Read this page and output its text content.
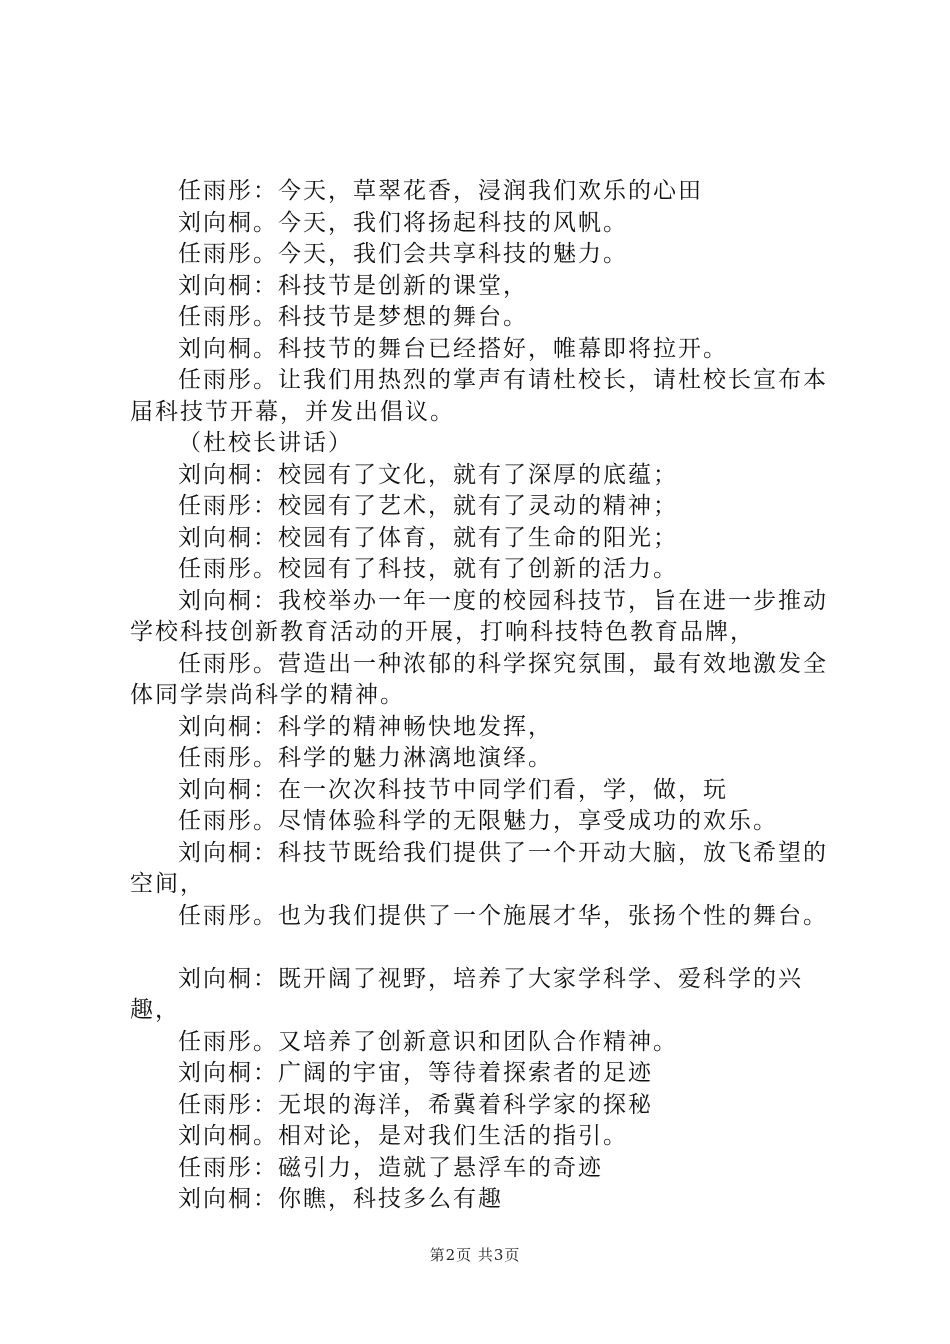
任雨彤：今天，草翠花香，浸润我们欢乐的心田

刘向桐。今天，我们将扬起科技的风帆。

任雨彤。今天，我们会共享科技的魅力。

刘向桐：科技节是创新的课堂，

任雨彤。科技节是梦想的舞台。

刘向桐。科技节的舞台已经搭好，帷幕即将拉开。

任雨彤。让我们用热烈的掌声有请杜校长，请杜校长宣布本届科技节开幕，并发出倡议。

（杜校长讲话）

刘向桐：校园有了文化，就有了深厚的底蕴；

任雨彤：校园有了艺术，就有了灵动的精神；

刘向桐：校园有了体育，就有了生命的阳光；

任雨彤。校园有了科技，就有了创新的活力。

刘向桐：我校举办一年一度的校园科技节，旨在进一步推动学校科技创新教育活动的开展，打响科技特色教育品牌，

任雨彤。营造出一种浓郁的科学探究氛围，最有效地激发全体同学崇尚科学的精神。

刘向桐：科学的精神畅快地发挥，

任雨彤。科学的魅力淋漓地演绎。

刘向桐：在一次次科技节中同学们看，学，做，玩

任雨彤。尽情体验科学的无限魅力，享受成功的欢乐。

刘向桐：科技节既给我们提供了一个开动大脑，放飞希望的空间，

任雨彤。也为我们提供了一个施展才华，张扬个性的舞台。

刘向桐：既开阔了视野，培养了大家学科学、爱科学的兴趣，

任雨彤。又培养了创新意识和团队合作精神。

刘向桐：广阔的宇宙，等待着探索者的足迹

任雨彤：无垠的海洋，希冀着科学家的探秘

刘向桐。相对论，是对我们生活的指引。

任雨彤：磁引力，造就了悬浮车的奇迹

刘向桐：你瞧，科技多么有趣

第2页 共3页
